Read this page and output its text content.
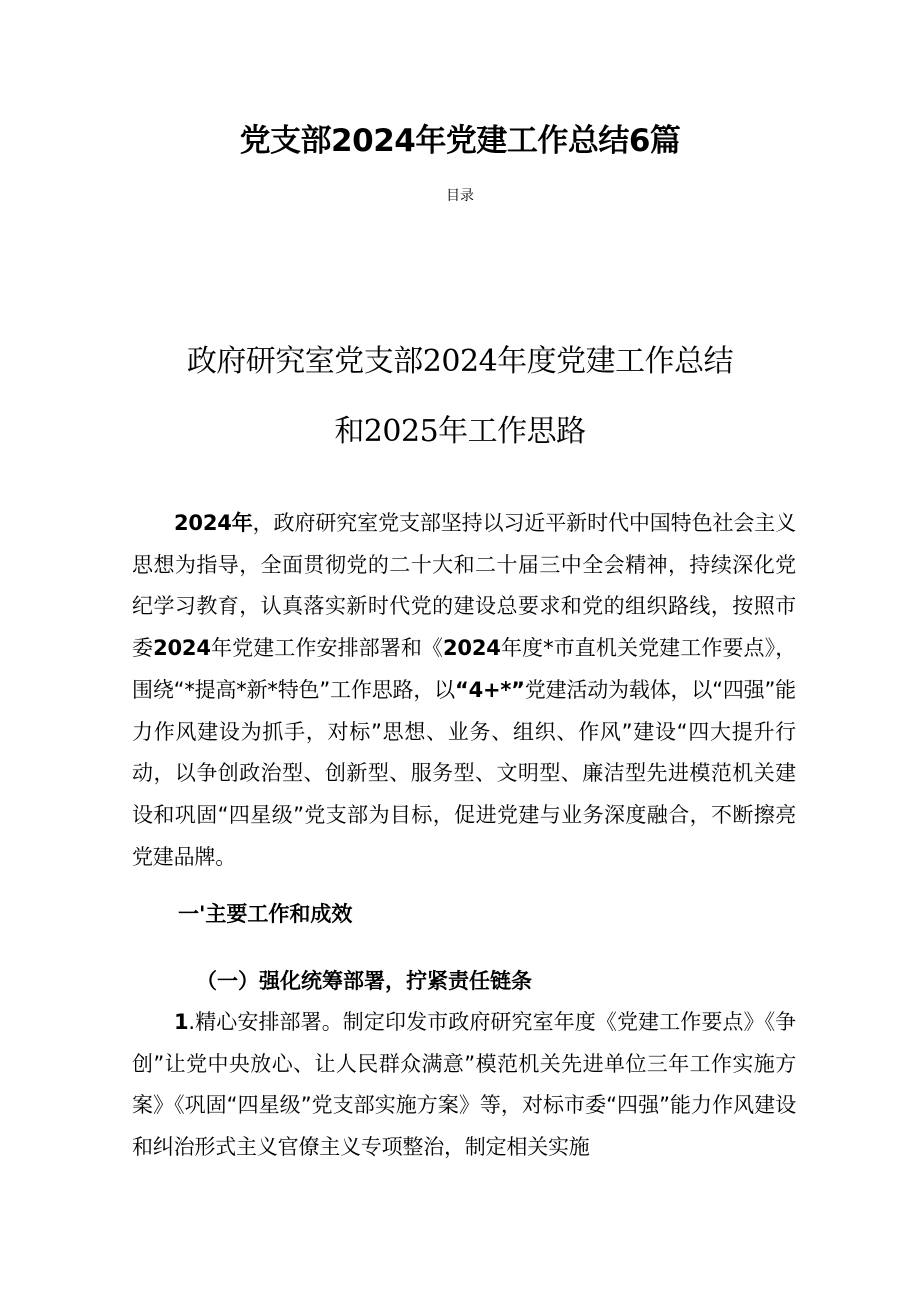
党支部2024年党建工作总结6篇
目录
政府研究室党支部2024年度党建工作总结
和2025年工作思路

2024年，政府研究室党支部坚持以习近平新时代中国特色社会主义思想为指导，全面贯彻党的二十大和二十届三中全会精神，持续深化党纪学习教育，认真落实新时代党的建设总要求和党的组织路线，按照市委2024年党建工作安排部署和《2024年度*市直机关党建工作要点》，围绕“*提高*新*特色”工作思路，以“4+*”党建活动为载体，以“四强”能力作风建设为抓手，对标”思想、业务、组织、作风”建设“四大提升行动，以争创政治型、创新型、服务型、文明型、廉洁型先进模范机关建设和巩固“四星级”党支部为目标，促进党建与业务深度融合，不断擦亮党建品牌。

一'主要工作和成效
（一）强化统筹部署，拧紧责任链条

1.精心安排部署。制定印发市政府研究室年度《党建工作要点》《争创”让党中央放心、让人民群众满意”模范机关先进单位三年工作实施方案》《巩固“四星级”党支部实施方案》等，对标市委“四强”能力作风建设和纠治形式主义官僚主义专项整治，制定相关实施
